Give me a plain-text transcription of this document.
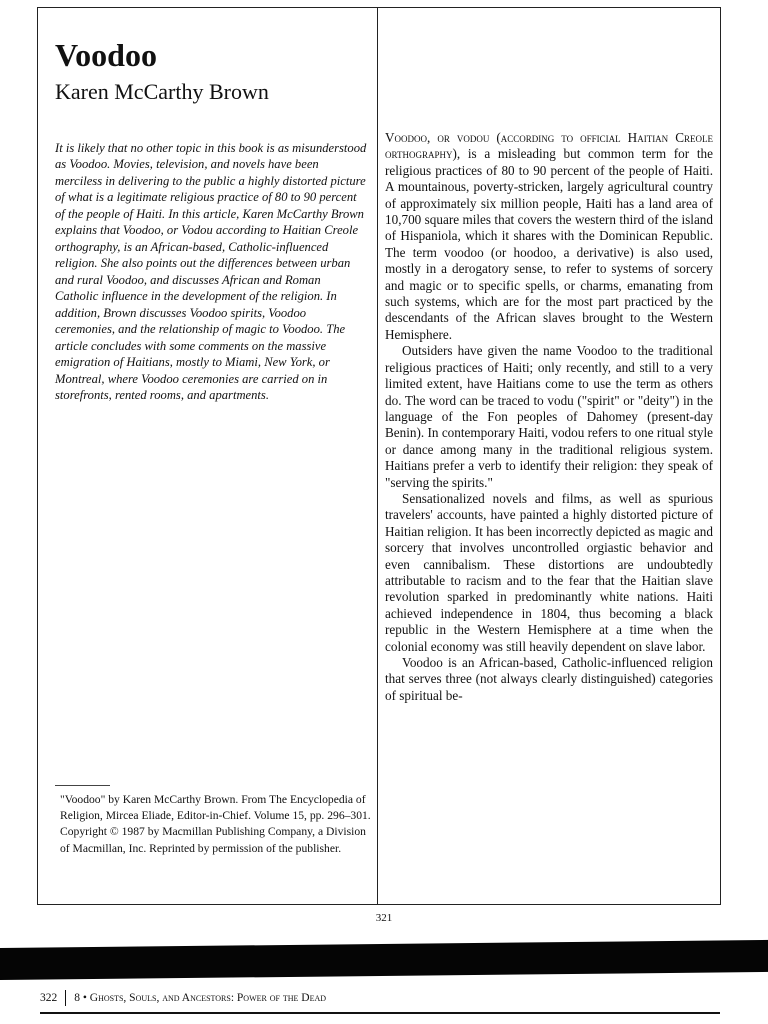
Voodoo
Karen McCarthy Brown

It is likely that no other topic in this book is as misunderstood as Voodoo. Movies, television, and novels have been merciless in delivering to the public a highly distorted picture of what is a legitimate religious practice of 80 to 90 percent of the people of Haiti. In this article, Karen McCarthy Brown explains that Voodoo, or Vodou according to Haitian Creole orthography, is an African-based, Catholic-influenced religion. She also points out the differences between urban and rural Voodoo, and discusses African and Roman Catholic influence in the development of the religion. In addition, Brown discusses Voodoo spirits, Voodoo ceremonies, and the relationship of magic to Voodoo. The article concludes with some comments on the massive emigration of Haitians, mostly to Miami, New York, or Montreal, where Voodoo ceremonies are carried on in storefronts, rented rooms, and apartments.

"Voodoo" by Karen McCarthy Brown. From The Encyclopedia of Religion, Mircea Eliade, Editor-in-Chief. Volume 15, pp. 296–301. Copyright © 1987 by Macmillan Publishing Company, a Division of Macmillan, Inc. Reprinted by permission of the publisher.

Voodoo, or vodou (according to official Haitian Creole orthography), is a misleading but common term for the religious practices of 80 to 90 percent of the people of Haiti. A mountainous, poverty-stricken, largely agricultural country of approximately six million people, Haiti has a land area of 10,700 square miles that covers the western third of the island of Hispaniola, which it shares with the Dominican Republic. The term voodoo (or hoodoo, a derivative) is also used, mostly in a derogatory sense, to refer to systems of sorcery and magic or to specific spells, or charms, emanating from such systems, which are for the most part practiced by the descendants of the African slaves brought to the Western Hemisphere.

Outsiders have given the name Voodoo to the traditional religious practices of Haiti; only recently, and still to a very limited extent, have Haitians come to use the term as others do. The word can be traced to vodu ("spirit" or "deity") in the language of the Fon peoples of Dahomey (present-day Benin). In contemporary Haiti, vodou refers to one ritual style or dance among many in the traditional religious system. Haitians prefer a verb to identify their religion: they speak of "serving the spirits."

Sensationalized novels and films, as well as spurious travelers' accounts, have painted a highly distorted picture of Haitian religion. It has been incorrectly depicted as magic and sorcery that involves uncontrolled orgiastic behavior and even cannibalism. These distortions are undoubtedly attributable to racism and to the fear that the Haitian slave revolution sparked in predominantly white nations. Haiti achieved independence in 1804, thus becoming a black republic in the Western Hemisphere at a time when the colonial economy was still heavily dependent on slave labor.

Voodoo is an African-based, Catholic-influenced religion that serves three (not always clearly distinguished) categories of spiritual be-

321
322 8 • Ghosts, Souls, and Ancestors: Power of the Dead
